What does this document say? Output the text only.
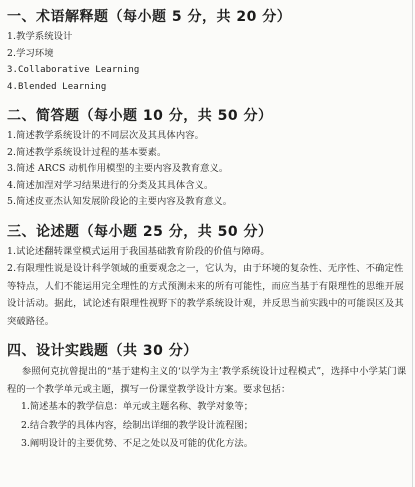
一、术语解释题（每小题 5 分，共 20 分）
1.教学系统设计
2.学习环境
3.Collaborative Learning
4.Blended Learning
二、简答题（每小题 10 分，共 50 分）
1.简述教学系统设计的不同层次及其具体内容。
2.简述教学系统设计过程的基本要素。
3.简述 ARCS 动机作用模型的主要内容及教育意义。
4.简述加涅对学习结果进行的分类及其具体含义。
5.简述皮亚杰认知发展阶段论的主要内容及教育意义。
三、论述题（每小题 25 分，共 50 分）
1.试论述翻转课堂模式运用于我国基础教育阶段的价值与障碍。
2.有限理性说是设计科学领域的重要观念之一，它认为，由于环境的复杂性、无序性、不确定性等特点，人们不能运用完全理性的方式预测未来的所有可能性，而应当基于有限理性的思维开展设计活动。据此，试论述有限理性视野下的教学系统设计观，并反思当前实践中的可能误区及其突破路径。
四、设计实践题（共 30 分）
参照何克抗曾提出的“基于建构主义的‘以学为主’教学系统设计过程模式”，选择中小学某门课程的一个教学单元或主题，撰写一份课堂教学设计方案。要求包括：
1.简述基本的教学信息：单元或主题名称、教学对象等；
2.结合教学的具体内容，绘制出详细的教学设计流程图；
3.阐明设计的主要优势、不足之处以及可能的优化方法。
